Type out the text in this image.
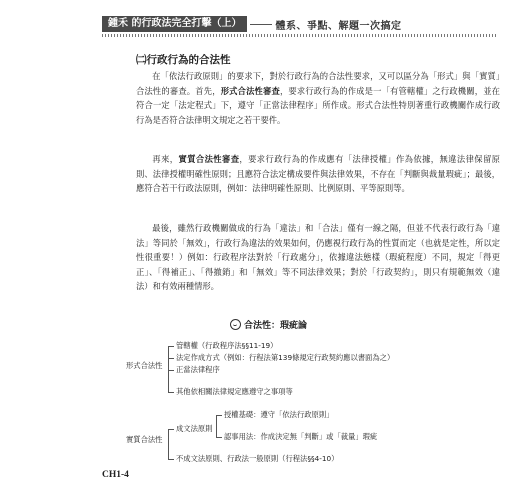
鍾禾 的行政法完全打擊（上）	體系、爭點、解題一次搞定
㈡行政行為的合法性

在「依法行政原則」的要求下，對於行政行為的合法性要求，又可以區分為「形式」與「實質」合法性的審查。首先，形式合法性審查，要求行政行為的作成是一「有管轄權」之行政機關，並在符合一定「法定程式」下，遵守「正當法律程序」所作成。形式合法性特別著重行政機關作成行政行為是否符合法律明文規定之若干要件。

再來，實質合法性審查，要求行政行為的作成應有「法律授權」作為依據，無違法律保留原則、法律授權明確性原則；且應符合法定構成要件與法律效果，不存在「判斷與裁量瑕疵」；最後，應符合若干行政法原則，例如：法律明確性原則、比例原則、平等原則等。

最後，雖然行政機關做成的行為「違法」和「合法」僅有一線之隔，但並不代表行政行為「違法」等同於「無效」，行政行為違法的效果如何，仍應視行政行為的性質而定（也就是定性，所以定性很重要！）例如：行政程序法對於「行政處分」，依據違法態樣（瑕疵程度）不同，規定「得更正」、「得補正」、「得撤銷」和「無效」等不同法律效果；對於「行政契約」，則只有規範無效（違法）和有效兩種情形。

合法性：瑕疵論
形式合法性
管轄權（行政程序法§§11-19）
法定作成方式（例如：行程法第139條規定行政契約應以書面為之）
正當法律程序
其他依相關法律規定應遵守之事項等
實質合法性
成文法原則
授權基礎：遵守「依法行政原則」
認事用法：作成決定無「判斷」或「裁量」瑕疵
不成文法原則、行政法一般原則（行程法§§4-10）
CH1-4
